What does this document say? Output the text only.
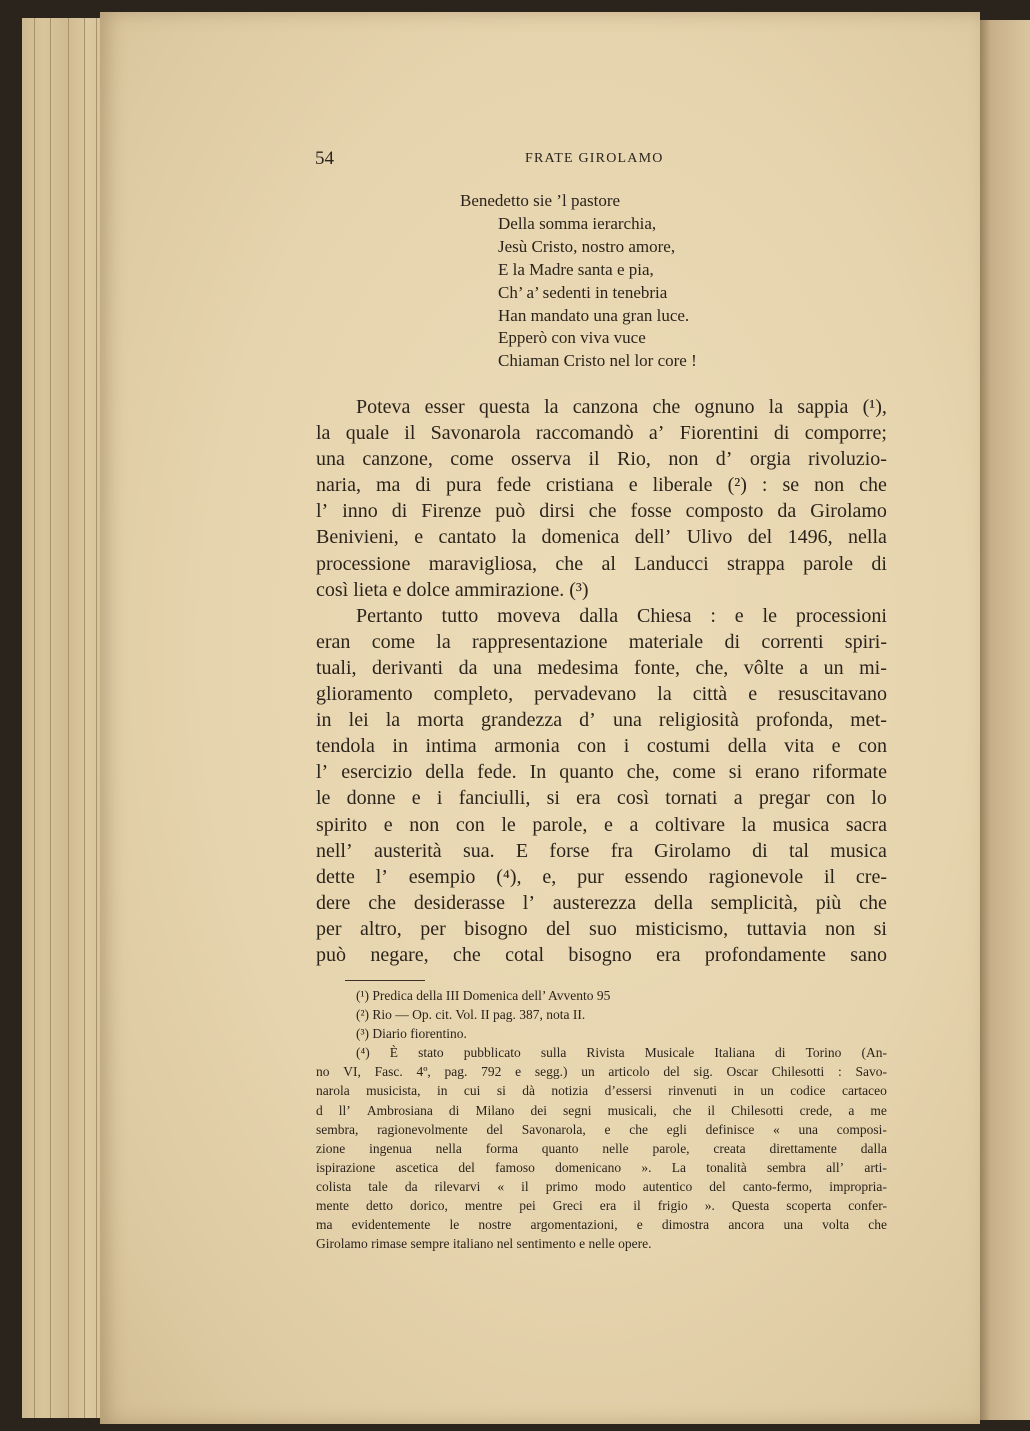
54	FRATE GIROLAMO
Benedetto sie ’l pastore
Della somma ierarchia,
Jesù Cristo, nostro amore,
E la Madre santa e pia,
Ch’ a’ sedenti in tenebria
Han mandato una gran luce.
Epperò con viva vuce
Chiaman Cristo nel lor core !
Poteva esser questa la canzona che ognuno la sappia (¹),
la quale il Savonarola raccomandò a’ Fiorentini di comporre;
una canzone, come osserva il Rio, non d’ orgia rivoluzio-
naria, ma di pura fede cristiana e liberale (²) : se non che
l’ inno di Firenze può dirsi che fosse composto da Girolamo
Benivieni, e cantato la domenica dell’ Ulivo del 1496, nella
processione maravigliosa, che al Landucci strappa parole di
così lieta e dolce ammirazione. (³)
Pertanto tutto moveva dalla Chiesa : e le processioni
eran come la rappresentazione materiale di correnti spiri-
tuali, derivanti da una medesima fonte, che, vôlte a un mi-
glioramento completo, pervadevano la città e resuscitavano
in lei la morta grandezza d’ una religiosità profonda, met-
tendola in intima armonia con i costumi della vita e con
l’ esercizio della fede. In quanto che, come si erano riformate
le donne e i fanciulli, si era così tornati a pregar con lo
spirito e non con le parole, e a coltivare la musica sacra
nell’ austerità sua. E forse fra Girolamo di tal musica
dette l’ esempio (⁴), e, pur essendo ragionevole il cre-
dere che desiderasse l’ austerezza della semplicità, più che
per altro, per bisogno del suo misticismo, tuttavia non si
può negare, che cotal bisogno era profondamente sano
(¹) Predica della III Domenica dell’ Avvento 95
(²) Rio — Op. cit. Vol. II pag. 387, nota II.
(³) Diario fiorentino.
(⁴) È stato pubblicato sulla Rivista Musicale Italiana di Torino (An-
no VI, Fasc. 4º, pag. 792 e segg.) un articolo del sig. Oscar Chilesotti : Savo-
narola musicista, in cui si dà notizia d’essersi rinvenuti in un codice cartaceo
d ll’ Ambrosiana di Milano dei segni musicali, che il Chilesotti crede, a me
sembra, ragionevolmente del Savonarola, e che egli definisce « una composi-
zione ingenua nella forma quanto nelle parole, creata direttamente dalla
ispirazione ascetica del famoso domenicano ». La tonalità sembra all’ arti-
colista tale da rilevarvi « il primo modo autentico del canto-fermo, impropria-
mente detto dorico, mentre pei Greci era il frigio ». Questa scoperta confer-
ma evidentemente le nostre argomentazioni, e dimostra ancora una volta che
Girolamo rimase sempre italiano nel sentimento e nelle opere.
